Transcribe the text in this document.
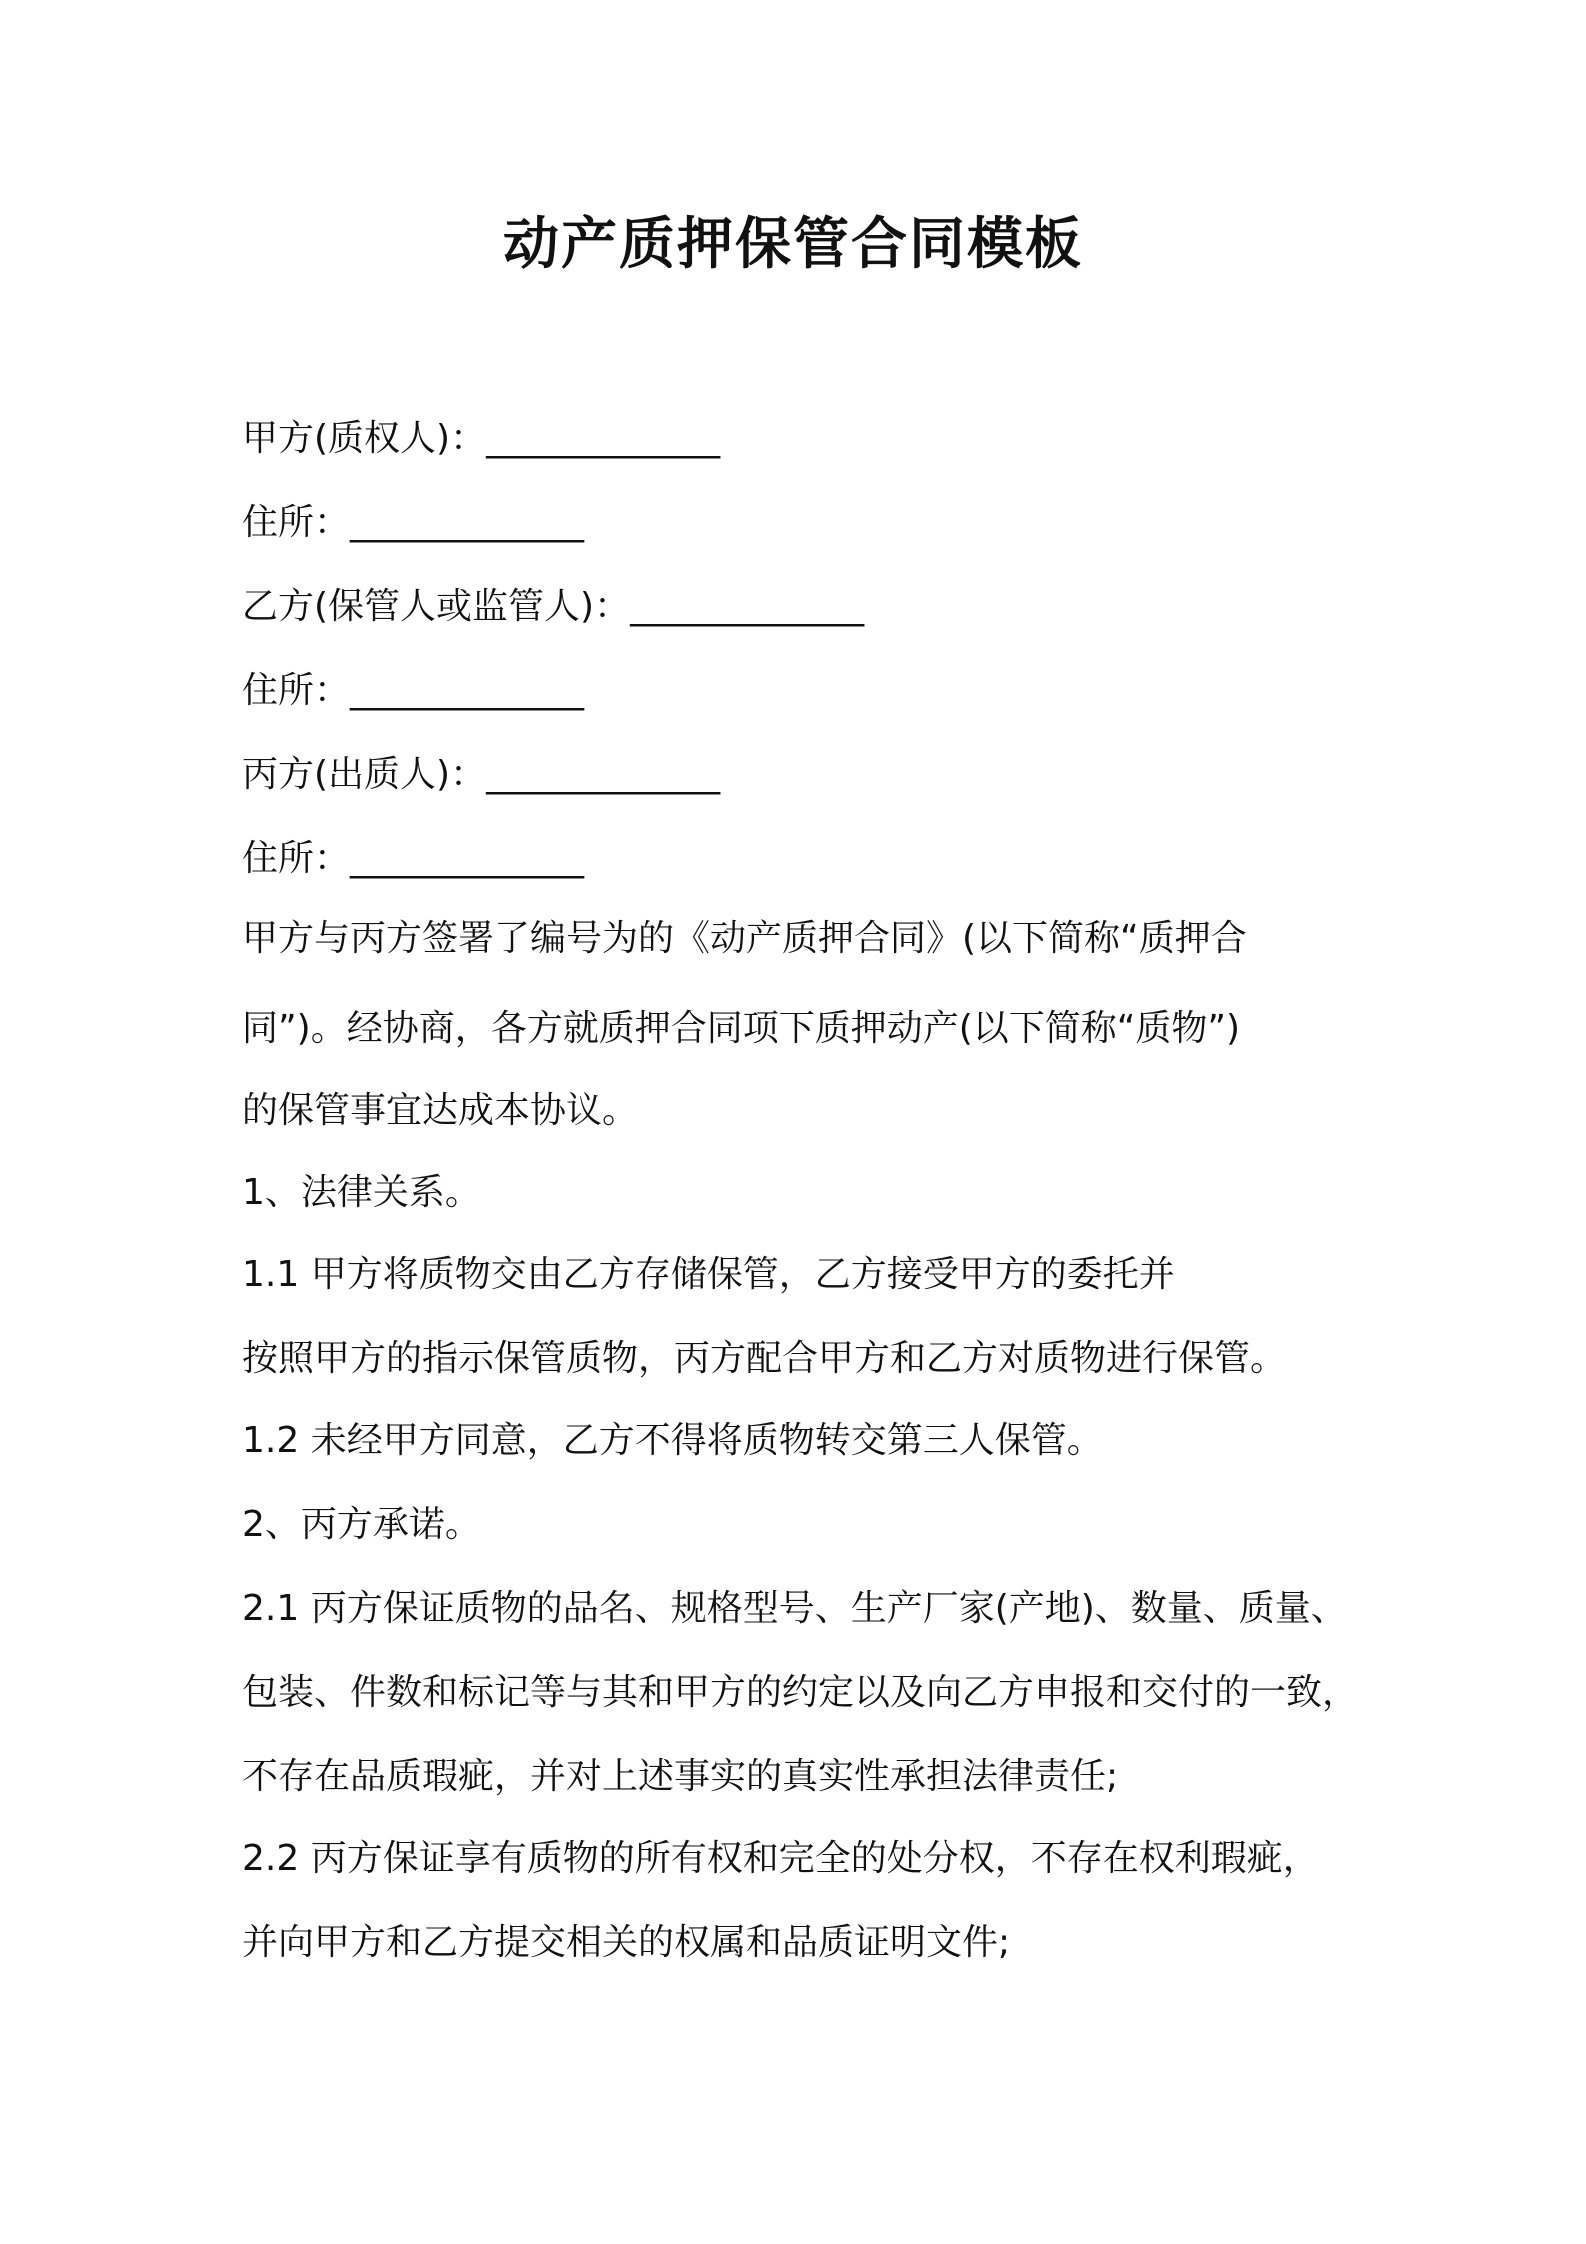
动产质押保管合同模板
甲方(质权人)：_____________
住所：_____________
乙方(保管人或监管人)：_____________
住所：_____________
丙方(出质人)：_____________
住所：_____________
甲方与丙方签署了编号为的《动产质押合同》(以下简称“质押合
同”)。经协商，各方就质押合同项下质押动产(以下简称“质物”)
的保管事宜达成本协议。
1、法律关系。
1.1 甲方将质物交由乙方存储保管，乙方接受甲方的委托并
按照甲方的指示保管质物，丙方配合甲方和乙方对质物进行保管。
1.2 未经甲方同意，乙方不得将质物转交第三人保管。
2、丙方承诺。
2.1 丙方保证质物的品名、规格型号、生产厂家(产地)、数量、质量、
包装、件数和标记等与其和甲方的约定以及向乙方申报和交付的一致，
不存在品质瑕疵，并对上述事实的真实性承担法律责任;
2.2 丙方保证享有质物的所有权和完全的处分权，不存在权利瑕疵，
并向甲方和乙方提交相关的权属和品质证明文件;
